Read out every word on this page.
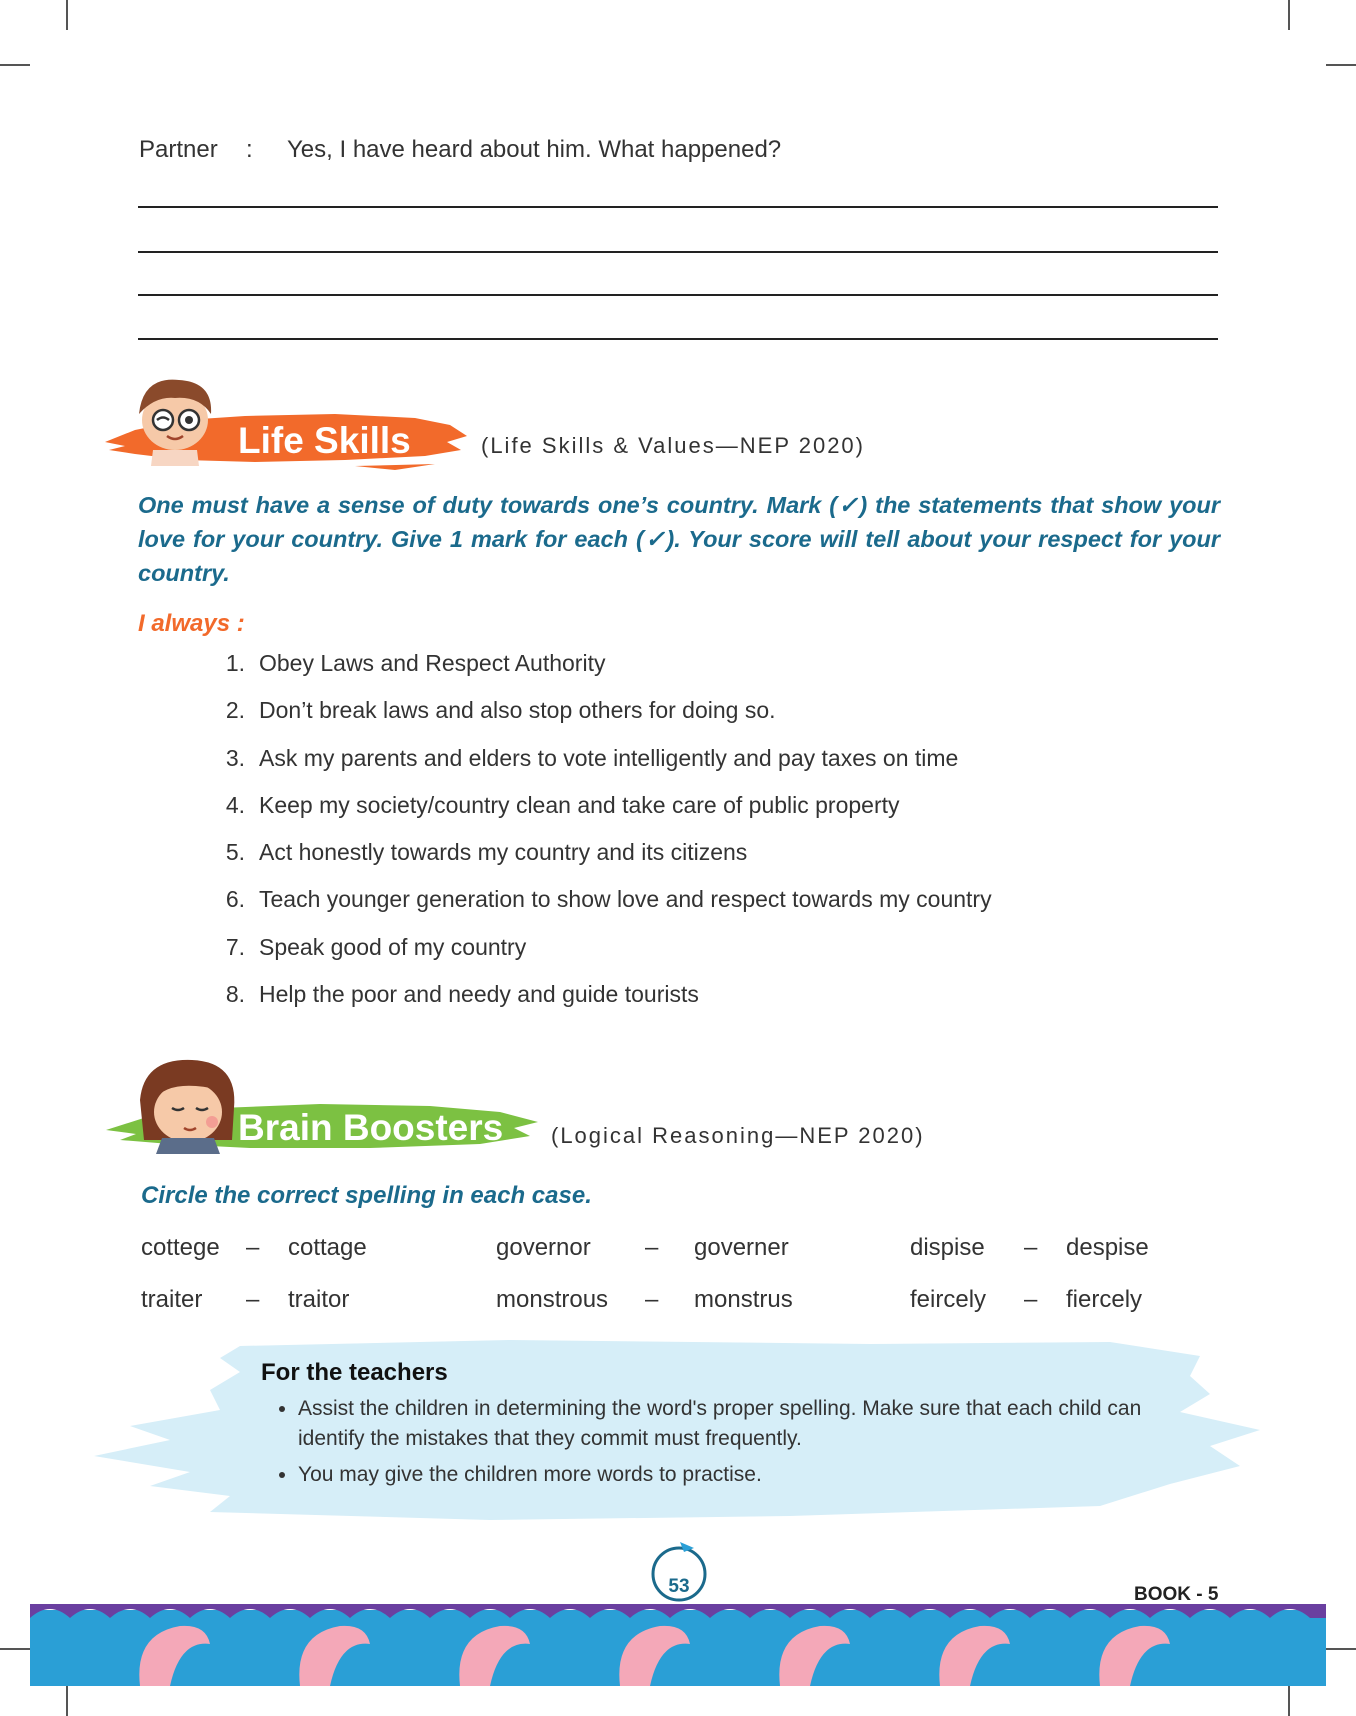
Partner : Yes, I have heard about him. What happened?
Life Skills	(Life Skills & Values—NEP 2020)
One must have a sense of duty towards one’s country. Mark (✓) the statements that show your love for your country. Give 1 mark for each (✓). Your score will tell about your respect for your country.
I always :
1. Obey Laws and Respect Authority
2. Don’t break laws and also stop others for doing so.
3. Ask my parents and elders to vote intelligently and pay taxes on time
4. Keep my society/country clean and take care of public property
5. Act honestly towards my country and its citizens
6. Teach younger generation to show love and respect towards my country
7. Speak good of my country
8. Help the poor and needy and guide tourists
Brain Boosters (Logical Reasoning—NEP 2020)
Circle the correct spelling in each case.
cottege – cottage	governor – governer	dispise – despise
traiter – traitor	monstrous – monstrus	feircely – fiercely
For the teachers
• Assist the children in determining the word's proper spelling. Make sure that each child can identify the mistakes that they commit must frequently.
• You may give the children more words to practise.
53	BOOK - 5
